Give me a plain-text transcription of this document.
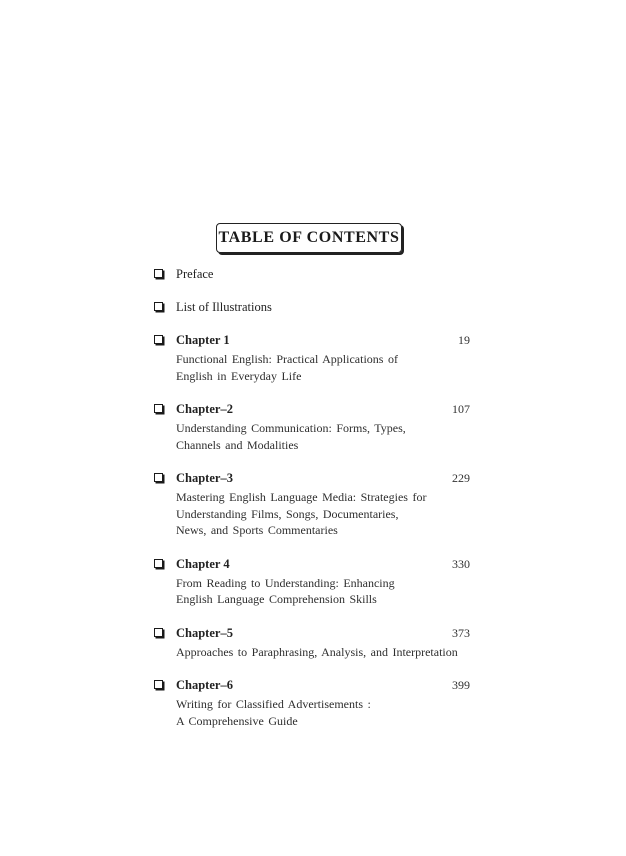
TABLE OF CONTENTS
Preface
List of Illustrations
Chapter 1	19
Functional English: Practical Applications of
English in Everyday Life
Chapter–2	107
Understanding Communication: Forms, Types,
Channels and Modalities
Chapter–3	229
Mastering English Language Media: Strategies for
Understanding Films, Songs, Documentaries,
News, and Sports Commentaries
Chapter 4	330
From Reading to Understanding: Enhancing
English Language Comprehension Skills
Chapter–5	373
Approaches to Paraphrasing, Analysis, and Interpretation
Chapter–6	399
Writing for Classified Advertisements :
A Comprehensive Guide
